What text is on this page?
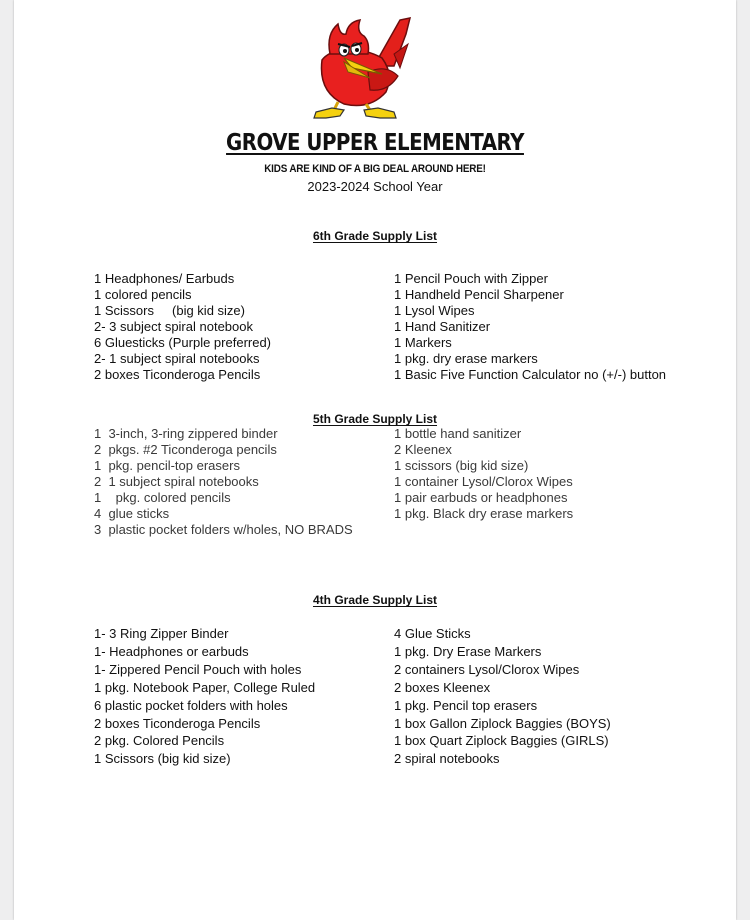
GROVE UPPER ELEMENTARY
KIDS ARE KIND OF A BIG DEAL AROUND HERE!
2023-2024 School Year
6th Grade Supply List
1 Headphones/ Earbuds
1 colored pencils
1 Scissors     (big kid size)
2- 3 subject spiral notebook
6 Gluesticks (Purple preferred)
2- 1 subject spiral notebooks
2 boxes Ticonderoga Pencils
1 Pencil Pouch with Zipper
1 Handheld Pencil Sharpener
1 Lysol Wipes
1 Hand Sanitizer
1 Markers
1 pkg. dry erase markers
1 Basic Five Function Calculator no (+/-) button
5th Grade Supply List
1  3-inch, 3-ring zippered binder
2  pkgs. #2 Ticonderoga pencils
1  pkg. pencil-top erasers
2  1 subject spiral notebooks
1    pkg. colored pencils
4  glue sticks
3  plastic pocket folders w/holes, NO BRADS
1 bottle hand sanitizer
2 Kleenex
1 scissors (big kid size)
1 container Lysol/Clorox Wipes
1 pair earbuds or headphones
1 pkg. Black dry erase markers
4th Grade Supply List
1- 3 Ring Zipper Binder
1- Headphones or earbuds
1- Zippered Pencil Pouch with holes
1 pkg. Notebook Paper, College Ruled
6 plastic pocket folders with holes
2 boxes Ticonderoga Pencils
2 pkg. Colored Pencils
1 Scissors (big kid size)
4 Glue Sticks
1 pkg. Dry Erase Markers
2 containers Lysol/Clorox Wipes
2 boxes Kleenex
1 pkg. Pencil top erasers
1 box Gallon Ziplock Baggies (BOYS)
1 box Quart Ziplock Baggies (GIRLS)
2 spiral notebooks
